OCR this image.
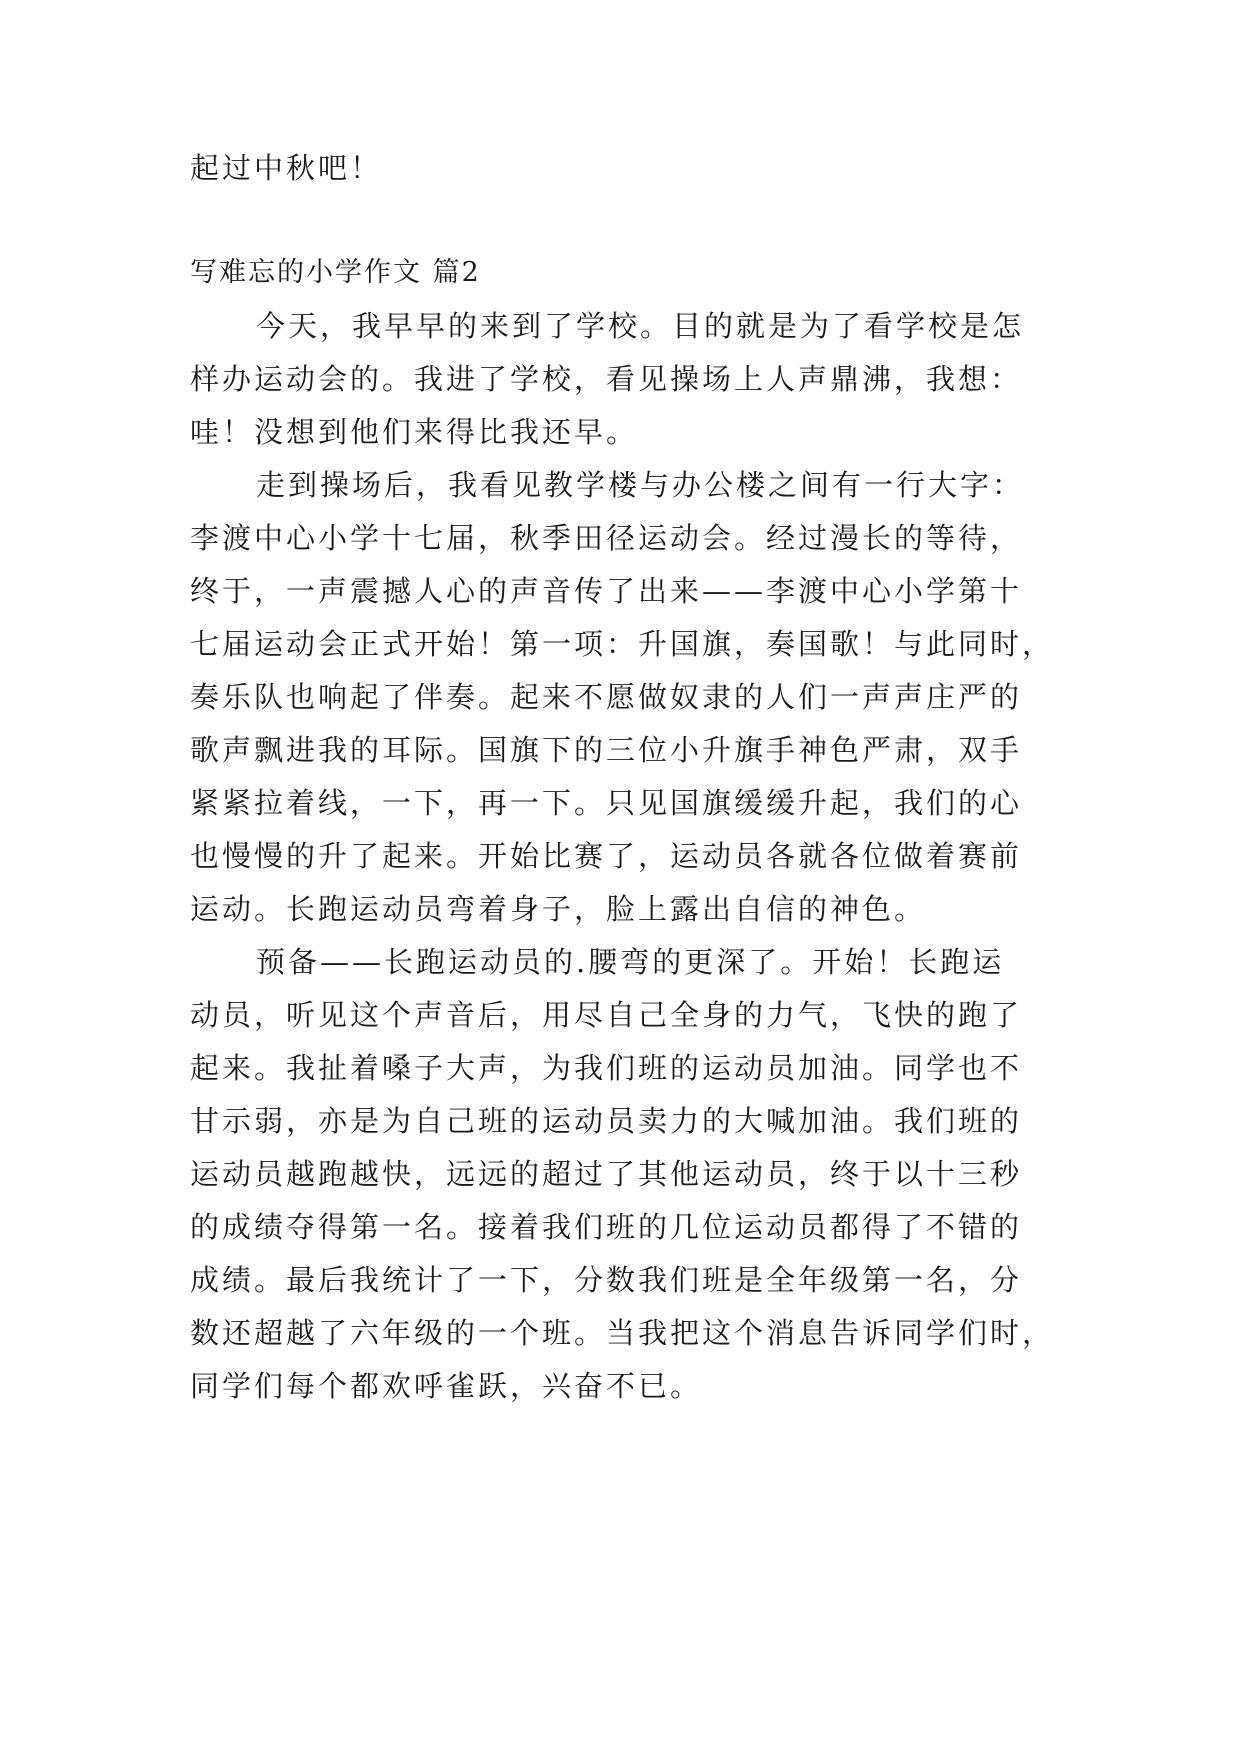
起过中秋吧！

写难忘的小学作文 篇2

今天，我早早的来到了学校。目的就是为了看学校是怎

样办运动会的。我进了学校，看见操场上人声鼎沸，我想：

哇！没想到他们来得比我还早。

走到操场后，我看见教学楼与办公楼之间有一行大字：

李渡中心小学十七届，秋季田径运动会。经过漫长的等待，

终于，一声震撼人心的声音传了出来——李渡中心小学第十

七届运动会正式开始！第一项：升国旗，奏国歌！与此同时，

奏乐队也响起了伴奏。起来不愿做奴隶的人们一声声庄严的

歌声飘进我的耳际。国旗下的三位小升旗手神色严肃，双手

紧紧拉着线，一下，再一下。只见国旗缓缓升起，我们的心

也慢慢的升了起来。开始比赛了，运动员各就各位做着赛前

运动。长跑运动员弯着身子，脸上露出自信的神色。

预备——长跑运动员的.腰弯的更深了。开始！长跑运

动员，听见这个声音后，用尽自己全身的力气，飞快的跑了

起来。我扯着嗓子大声，为我们班的运动员加油。同学也不

甘示弱，亦是为自己班的运动员卖力的大喊加油。我们班的

运动员越跑越快，远远的超过了其他运动员，终于以十三秒

的成绩夺得第一名。接着我们班的几位运动员都得了不错的

成绩。最后我统计了一下，分数我们班是全年级第一名，分

数还超越了六年级的一个班。当我把这个消息告诉同学们时，

同学们每个都欢呼雀跃，兴奋不已。
